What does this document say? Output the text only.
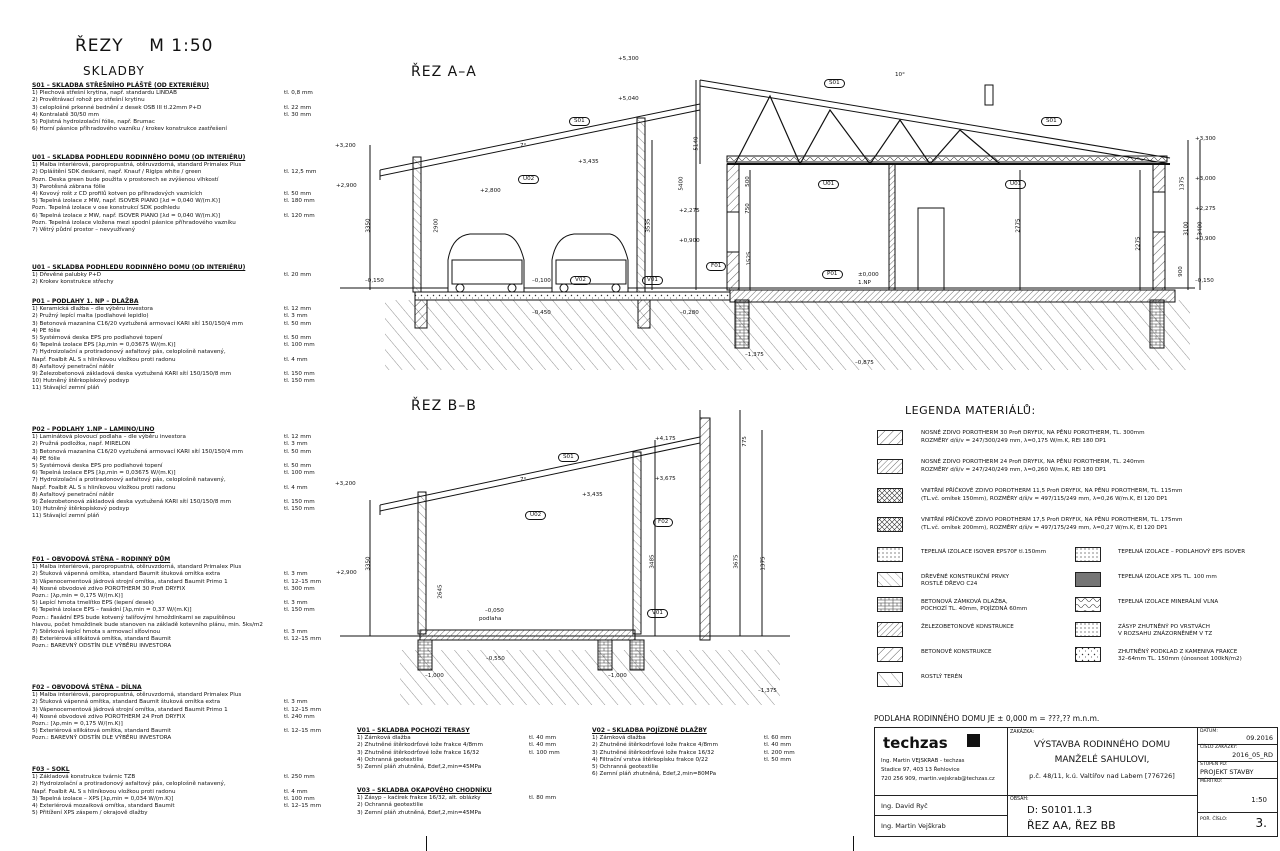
ŘEZY M 1:50
SKLADBY
S01 – SKLADBA STŘEŠNÍHO PLÁŠTĚ (OD EXTERIÉRU)
1) Plechová střešní krytina, např. standardu LINDAB	tl. 0,8 mm
2) Provětrávací rohož pro střešní krytinu
3) celoplošné prkenné bednění z desek OSB III tl.22mm P+D	tl. 22 mm
4) Kontralatě 30/50 mm	tl. 30 mm
5) Pojistná hydroizolační fólie, např. Brumac
6) Horní pásnice příhradového vazníku / krokev konstrukce zastřešení
U01 – SKLADBA PODHLEDU RODINNÉHO DOMU (OD INTERIÉRU)
1) Malba interiérová, paropropustná, otěruvzdorná, standard Primalex Plus
2) Opláštění SDK deskami, např. Knauf / Rigips white / green	tl. 12,5 mm
Pozn. Deska green bude použita v prostorech se zvýšenou vlhkostí
3) Parotěsná zábrana fólie
4) Kovový rošt z CD profilů kotven po příhradových vaznících	tl. 50 mm
5) Tepelná izolace z MW, např. ISOVER PIANO [λd = 0,040 W/(m.K)]	tl. 180 mm
Pozn. Tepelná izolace v ose konstrukcí SDK podhledu
6) Tepelná izolace z MW, např. ISOVER PIANO [λd = 0,040 W/(m.K)]	tl. 120 mm
Pozn. Tepelná izolace vložena mezi spodní pásnice příhradového vazníku
7) Větrý půdní prostor – nevyužívaný
U01 – SKLADBA PODHLEDU RODINNÉHO DOMU (OD INTERIÉRU)
1) Dřevěné palubky P+D	tl. 20 mm
2) Krokev konstrukce střechy
P01 – PODLAHY 1. NP – DLAŽBA
1) Keramická dlažba – dle výběru investora	tl. 12 mm
2) Pružný lepící malta (podlahové lepidlo)	tl. 3 mm
3) Betonová mazanina C16/20 vyztužená armovací KARI sítí 150/150/4 mm	tl. 50 mm
4) PE fólie
5) Systémová deska EPS pro podlahové topení	tl. 50 mm
6) Tepelná izolace EPS [λp,min = 0,03675 W/(m.K)]	tl. 100 mm
7) Hydroizolační a protiradonový asfaltový pás, celoplošně natavený,
Např. Foalbit AL S s hliníkovou vložkou proti radonu	tl. 4 mm
8) Asfaltový penetrační nátěr
9) Železobetonová základová deska vyztužená KARI sítí 150/150/8 mm	tl. 150 mm
10) Hutněný štěrkopískový podsyp	tl. 150 mm
11) Stávající zemní pláň
P02 – PODLAHY 1.NP – LAMINO/LINO
1) Laminátová plovoucí podlaha – dle výběru investora	tl. 12 mm
2) Pružná podložka, např. MIRELON	tl. 3 mm
3) Betonová mazanina C16/20 vyztužená armovací KARI sítí 150/150/4 mm	tl. 50 mm
4) PE fólie
5) Systémová deska EPS pro podlahové topení	tl. 50 mm
6) Tepelná izolace EPS [λp,min = 0,03675 W/(m.K)]	tl. 100 mm
7) Hydroizolační a protiradonový asfaltový pás, celoplošně natavený,
Např. Foalbit AL S s hliníkovou vložkou proti radonu	tl. 4 mm
8) Asfaltový penetrační nátěr
9) Železobetonová základová deska vyztužená KARI sítí 150/150/8 mm	tl. 150 mm
10) Hutněný štěrkopískový podsyp	tl. 150 mm
11) Stávající zemní pláň
F01 – OBVODOVÁ STĚNA – RODINNÝ DŮM
1) Malba interiérová, paropropustná, otěruvzdorná, standard Primalex Plus
2) Štuková vápenná omítka, standard Baumit štuková omítka extra	tl. 3 mm
3) Vápenocementová jádrová strojní omítka, standard Baumit Primo 1	tl. 12–15 mm
4) Nosné obvodové zdivo POROTHERM 30 Profi DRYFIX	tl. 300 mm
Pozn.: [λp,min = 0,175 W/(m.K)]
5) Lepící hmota tmelítko EPS (lepení desek)	tl. 3 mm
6) Tepelná izolace EPS – fasádní [λp,min = 0,37 W/(m.K)]	tl. 150 mm
Pozn.: Fasádní EPS bude kotvený talířovými hmoždinkami se zapuštěnou
hlavou, počet hmoždinek bude stanoven na základě kotevního plánu, min. 5ks/m2
7) Stěrková lepící hmota s armovací síťovinou	tl. 3 mm
8) Exteriérová silikátová omítka, standard Baumit	tl. 12–15 mm
Pozn.: BAREVNÝ ODSTÍN DLE VÝBĚRU INVESTORA
F02 – OBVODOVÁ STĚNA – DÍLNA
1) Malba interiérová, paropropustná, otěruvzdorná, standard Primalex Plus
2) Štuková vápenná omítka, standard Baumit štuková omítka extra	tl. 3 mm
3) Vápenocementová jádrová strojní omítka, standard Baumit Primo 1	tl. 12–15 mm
4) Nosné obvodové zdivo POROTHERM 24 Profi DRYFIX	tl. 240 mm
Pozn.: [λp,min = 0,175 W/(m.K)]
5) Exteriérová silikátová omítka, standard Baumit	tl. 12–15 mm
Pozn.: BAREVNÝ ODSTÍN DLE VÝBĚRU INVESTORA
F03 – SOKL
1) Základová konstrukce tvárnic TZB	tl. 250 mm
2) Hydroizolační a protiradonový asfaltový pás, celoplošně natavený,
Např. Foalbit AL S s hliníkovou vložkou proti radonu	tl. 4 mm
3) Tepelná izolace – XPS [λp,min = 0,034 W/(m.K)]	tl. 100 mm
4) Exteriérová mozaiková omítka, standard Baumit	tl. 12–15 mm
5) Přitížení XPS záspem / okrajově dlažby
ŘEZ A–A
ŘEZ B–B
S01
S01
S01
U02
U01	U01
P01
F01
V02	V01
+5,300
+5,040
+3,200
+2,900
+3,435
+2,800
+2,275
+0,900
–0,150	–0,100
–0,450	–0,280
–0,875
–1,375
±0,000
1.NP
+3,300
+3,000
+2,275
+0,900
–0,150
7°
10°
3350	2900
5400
5140
3535	2775
2275
1525
750
500
3100 3400
1375
900
S01
U02
F02
V01
+4,175
+3,675
+3,435
+3,200
+2,900
–0,050
podlaha
–0,550
–1,000	–1,000
–1,375
7°
3350
2645
3485	3675	1375
775
LEGENDA MATERIÁLŮ:
NOSNÉ ZDIVO POROTHERM 30 Profi DRYFIX, NA PĚNU POROTHERM, TL. 300mm
ROZMĚRY d/š/v = 247/300/249 mm, λ=0,175 W/m.K, REI 180 DP1
NOSNÉ ZDIVO POROTHERM 24 Profi DRYFIX, NA PĚNU POROTHERM, TL. 240mm
ROZMĚRY d/š/v = 247/240/249 mm, λ=0,260 W/m.K, REI 180 DP1
VNITŘNÍ PŘÍČKOVÉ ZDIVO POROTHERM 11,5 Profi DRYFIX, NA PĚNU POROTHERM, TL. 115mm
(TL.vč. omítek 150mm), ROZMĚRY d/š/v = 497/115/249 mm, λ=0,26 W/m.K, EI 120 DP1
VNITŘNÍ PŘÍČKOVÉ ZDIVO POROTHERM 17,5 Profi DRYFIX, NA PĚNU POROTHERM, TL. 175mm
(TL.vč. omítek 200mm), ROZMĚRY d/š/v = 497/175/249 mm, λ=0,27 W/m.K, EI 120 DP1
TEPELNÁ IZOLACE ISOVER EPS70F tl.150mm
DŘEVĚNÉ KONSTRUKČNÍ PRVKY
ROSTLÉ DŘEVO C24
BETONOVÁ ZÁMKOVÁ DLAŽBA,
POCHOZÍ TL. 40mm, POJÍZDNÁ 60mm
ŽELEZOBETONOVÉ KONSTRUKCE
BETONOVÉ KONSTRUKCE
ROSTLÝ TERÉN
TEPELNÁ IZOLACE – PODLAHOVÝ EPS ISOVER
TEPELNÁ IZOLACE XPS TL. 100 mm
TEPELNÁ IZOLACE MINERÁLNÍ VLNA
ZÁSYP ZHUTNĚNÝ PO VRSTVÁCH
V ROZSAHU ZNÁZORNĚNÉM V TZ
ZHUTNĚNÝ PODKLAD Z KAMENIVA FRAKCE
32–64mm TL. 150mm (únosnost 100kN/m2)
V01 – SKLADBA POCHOZÍ TERASY
1) Zámková dlažba	tl. 40 mm
2) Zhutněné štěrkodrťové lože frakce 4/8mm	tl. 40 mm
3) Zhutněné štěrkodrťové lože frakce 16/32	tl. 100 mm
4) Ochranná geotextilie
5) Zemní pláň zhutněná, Edef,2,min=45MPa
V03 – SKLADBA OKAPOVÉHO CHODNÍKU
1) Zásyp – kačírek frakce 16/32, alt. oblázky	tl. 80 mm
2) Ochranná geotextilie
3) Zemní pláň zhutněná, Edef,2,min=45MPa
V02 – SKLADBA POJÍZDNÉ DLAŽBY
1) Zámková dlažba	tl. 60 mm
2) Zhutněné štěrkodrťové lože frakce 4/8mm	tl. 40 mm
3) Zhutněné štěrkodrťové lože frakce 16/32	tl. 200 mm
4) Filtrační vrstva štěrkopísku frakce 0/22	tl. 50 mm
5) Ochranná geotextilie
6) Zemní pláň zhutněná, Edef,2,min=80MPa
PODLAHA RODINNÉHO DOMU JE ± 0,000 m = ???,?? m.n.m.
techzas
Ing. Martin VEJSKRAB - techzas
Stadice 97, 403 13 Řehlovice
720 256 909, martin.vejskrab@techzas.cz
ZAKÁZKA:
VÝSTAVBA RODINNÉHO DOMU
MANŽELÉ SAHULOVI,
p.č. 48/11, k.ú. Valtířov nad Labem [776726]
DATUM:
09.2016
ČÍSLO ZAKÁZKY:
2016_05_RD
STUPEŇ PD:
PROJEKT STAVBY
MĚŘÍTKO:
1:50
POŘ. ČÍSLO: 3.
Ing. David Ryč
Ing. Martin Vejškrab
OBSAH:
D: S0101.1.3
ŘEZ AA, ŘEZ BB
